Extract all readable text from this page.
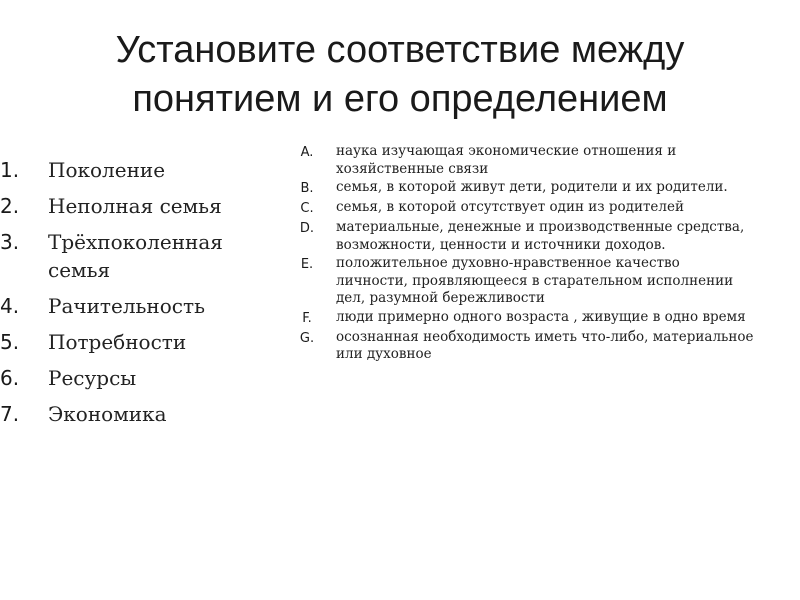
Установите соответствие между
понятием и его определением
1.	Поколение
2.	Неполная семья
3.	Трёхпоколенная семья
4.	Рачительность
5.	Потребности
6.	Ресурсы
7.	Экономика
A.	наука изучающая экономические отношения и хозяйственные связи
B.	семья, в которой живут дети, родители и их родители.
C.	семья, в которой отсутствует один из родителей
D.	материальные, денежные и производственные средства, возможности, ценности и источники доходов.
E.	положительное духовно-нравственное качество личности, проявляющееся в старательном исполнении дел, разумной бережливости
F.	люди примерно одного возраста , живущие в одно время
G.	осознанная необходимость иметь что-либо, материальное или духовное
